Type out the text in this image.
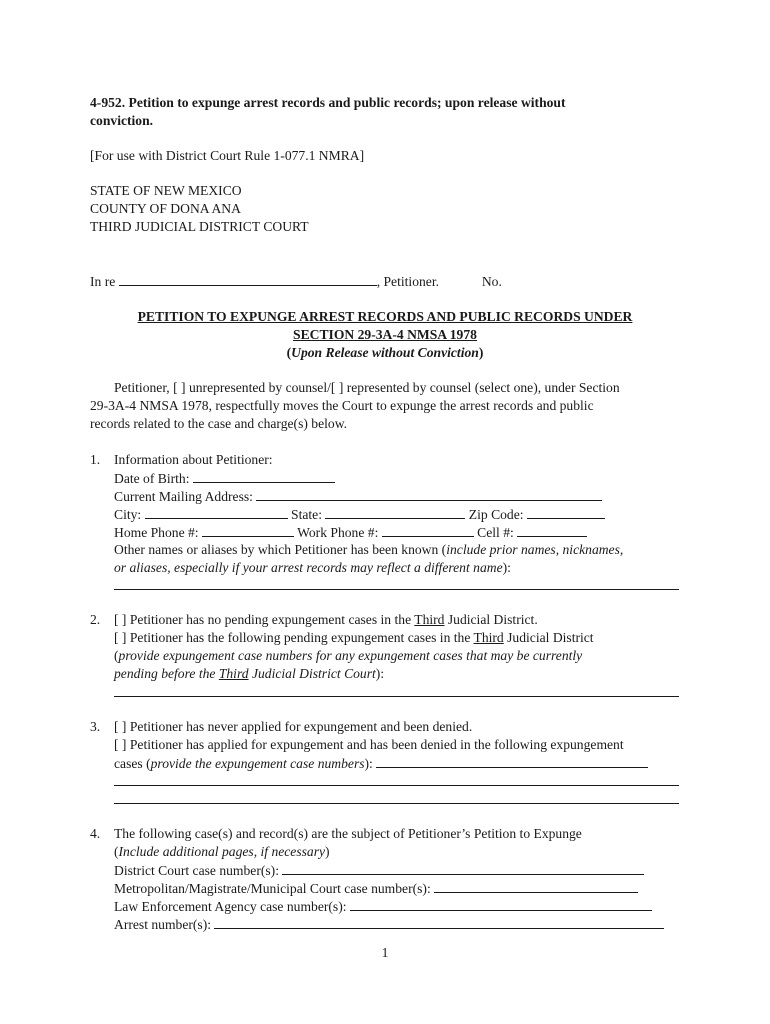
4-952. Petition to expunge arrest records and public records; upon release without
conviction.
[For use with District Court Rule 1-077.1 NMRA]
STATE OF NEW MEXICO
COUNTY OF DONA ANA
THIRD JUDICIAL DISTRICT COURT
In re	, Petitioner.	No.
PETITION TO EXPUNGE ARREST RECORDS AND PUBLIC RECORDS UNDER
SECTION 29-3A-4 NMSA 1978
(Upon Release without Conviction)
Petitioner, [ ] unrepresented by counsel/[ ] represented by counsel (select one), under Section
29-3A-4 NMSA 1978, respectfully moves the Court to expunge the arrest records and public
records related to the case and charge(s) below.
1. Information about Petitioner:
Date of Birth:
Current Mailing Address:
City:	State:	Zip Code:
Home Phone #:	Work Phone #:	Cell #:
Other names or aliases by which Petitioner has been known (include prior names, nicknames,
or aliases, especially if your arrest records may reflect a different name):
2. [ ] Petitioner has no pending expungement cases in the Third Judicial District.
[ ] Petitioner has the following pending expungement cases in the Third Judicial District
(provide expungement case numbers for any expungement cases that may be currently
pending before the Third Judicial District Court):
3. [ ] Petitioner has never applied for expungement and been denied.
[ ] Petitioner has applied for expungement and has been denied in the following expungement
cases (provide the expungement case numbers):
4. The following case(s) and record(s) are the subject of Petitioner’s Petition to Expunge
(Include additional pages, if necessary)
District Court case number(s):
Metropolitan/Magistrate/Municipal Court case number(s):
Law Enforcement Agency case number(s):
Arrest number(s):
1
